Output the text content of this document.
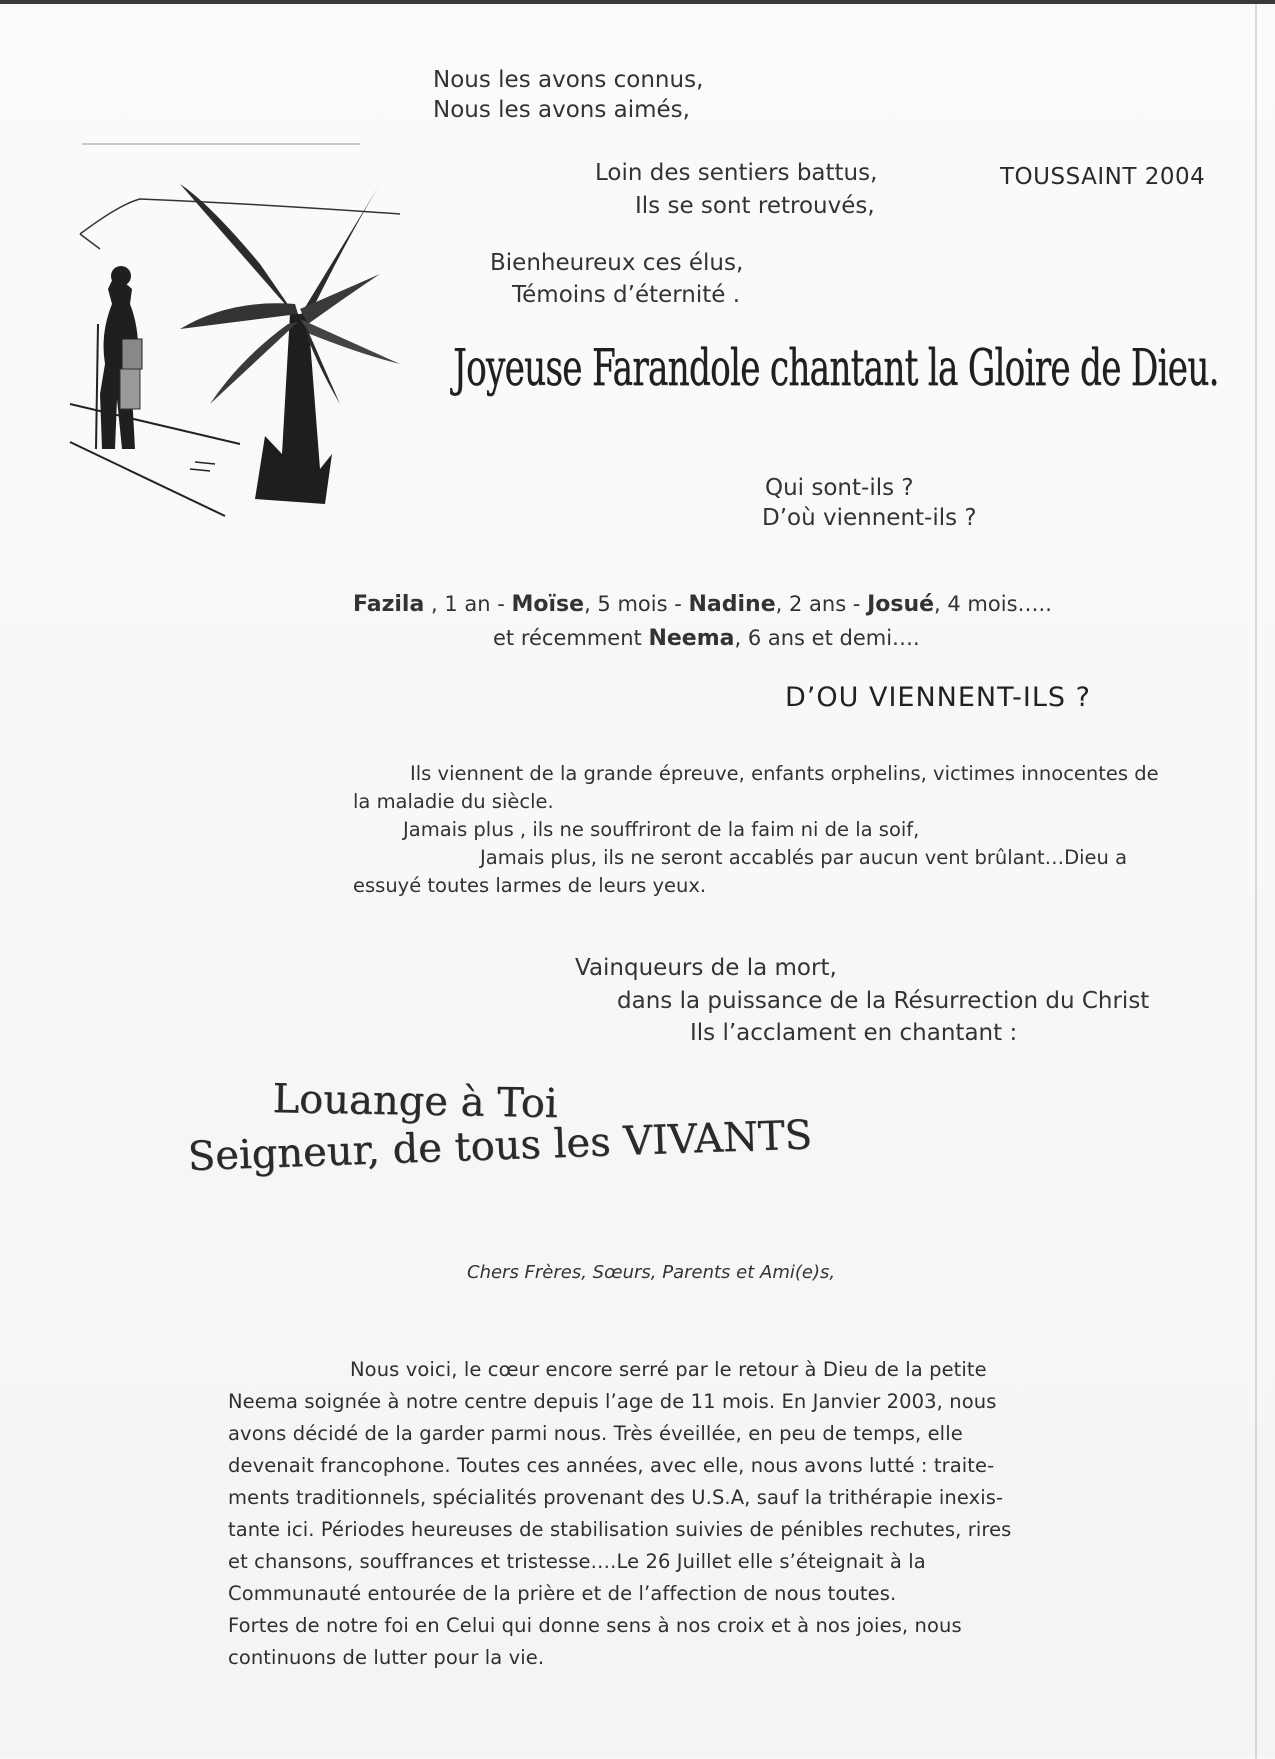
Nous les avons connus,
Nous les avons aimés,
Loin des sentiers battus,
Ils se sont retrouvés,
Bienheureux ces élus,
Témoins d’éternité .
TOUSSAINT 2004
Joyeuse Farandole chantant la Gloire de Dieu.
Qui sont-ils ?
D’où viennent-ils ?
Fazila , 1 an - Moïse, 5 mois - Nadine, 2 ans - Josué, 4 mois…..
et récemment Neema, 6 ans et demi….
D’OU VIENNENT-ILS ?
Ils viennent de la grande épreuve, enfants orphelins, victimes innocentes de
la maladie du siècle.
Jamais plus , ils ne souffriront de la faim ni de la soif,
Jamais plus, ils ne seront accablés par aucun vent brûlant…Dieu a
essuyé toutes larmes de leurs yeux.
Vainqueurs de la mort,
dans la puissance de la Résurrection du Christ
Ils l’acclament en chantant :
Louange à Toi
Seigneur, de tous les VIVANTS
Chers Frères, Sœurs, Parents et Ami(e)s,
Nous voici, le cœur encore serré par le retour à Dieu de la petite
Neema soignée à notre centre depuis l’age de 11 mois. En Janvier 2003, nous
avons décidé de la garder parmi nous. Très éveillée, en peu de temps, elle
devenait francophone. Toutes ces années, avec elle, nous avons lutté : traite-
ments traditionnels, spécialités provenant des U.S.A, sauf la trithérapie inexis-
tante ici. Périodes heureuses de stabilisation suivies de pénibles rechutes, rires
et chansons, souffrances et tristesse….Le 26 Juillet elle s’éteignait à la
Communauté entourée de la prière et de l’affection de nous toutes.
Fortes de notre foi en Celui qui donne sens à nos croix et à nos joies, nous
continuons de lutter pour la vie.
